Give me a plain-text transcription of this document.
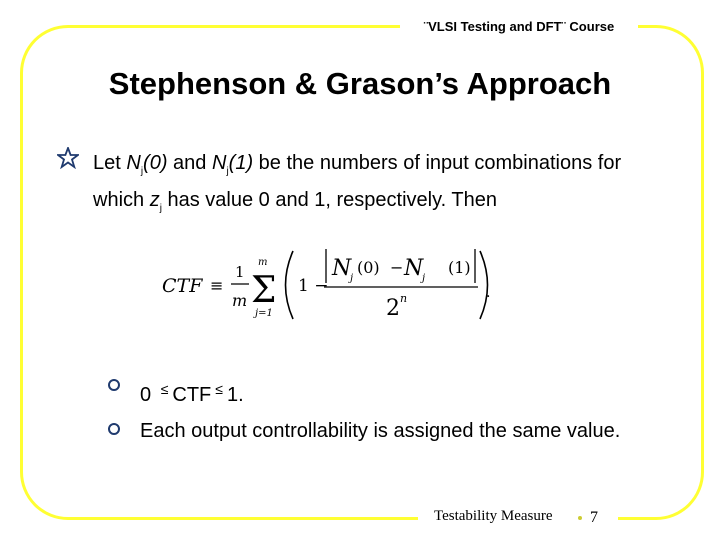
¨VLSI Testing and DFT¨ Course
Stephenson & Grason’s Approach
Let $N_j(0)$ and $N_j(1)$ be the numbers of input combinations for which $z_j$ has value 0 and 1, respectively. Then
CTF ≡
1
m
m
Σ
j=1
1 −
N
j
(0) − N
j
(1)
2 n	.
0 ≤ CTF ≤ 1.
Each output controllability is assigned the same value.
Testability Measure 7
